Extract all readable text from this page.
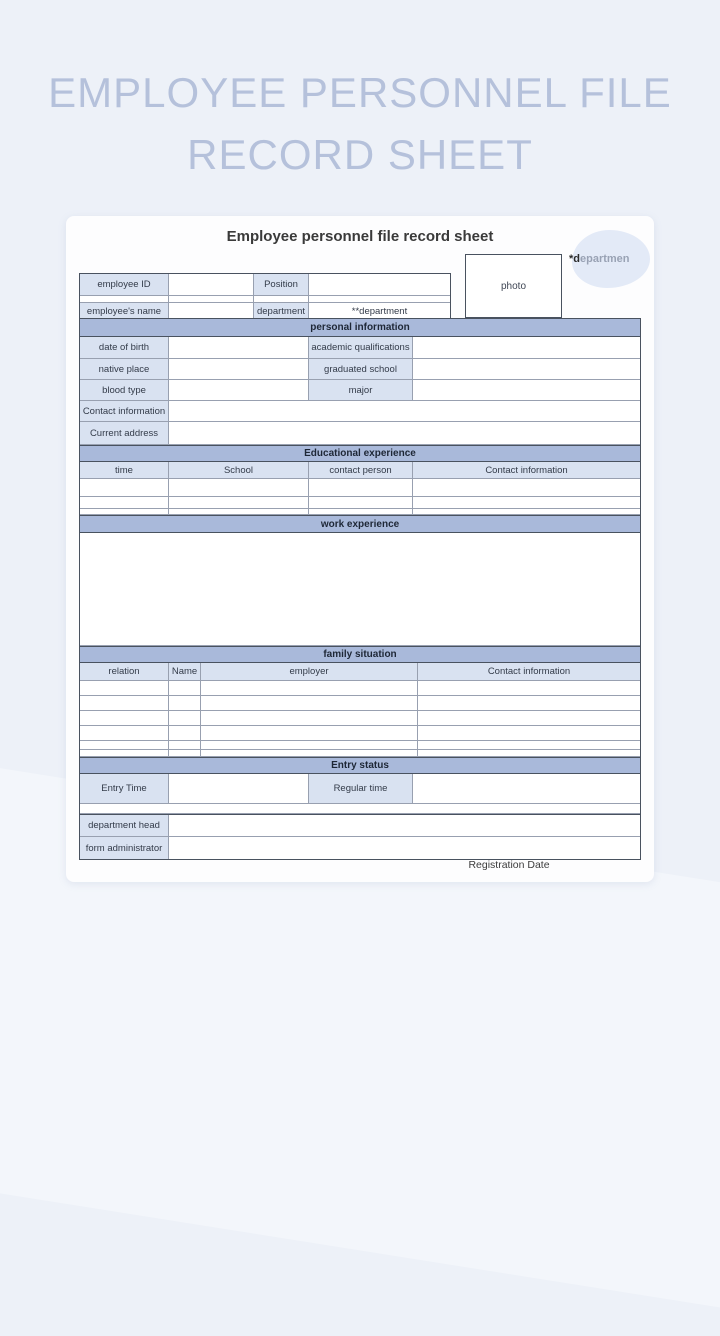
EMPLOYEE PERSONNEL FILE
RECORD SHEET
Employee personnel file record sheet
*departmen
photo
employee ID	Position
employee's name	department	**department
personal information
date of birth	academic qualifications
native place	graduated school
blood type	major
Contact information
Current address
Educational experience
time	School	contact person	Contact information
work experience
family situation
relation	Name	employer	Contact information
Entry status
Entry Time	Regular time
department head
form administrator
Registration Date
